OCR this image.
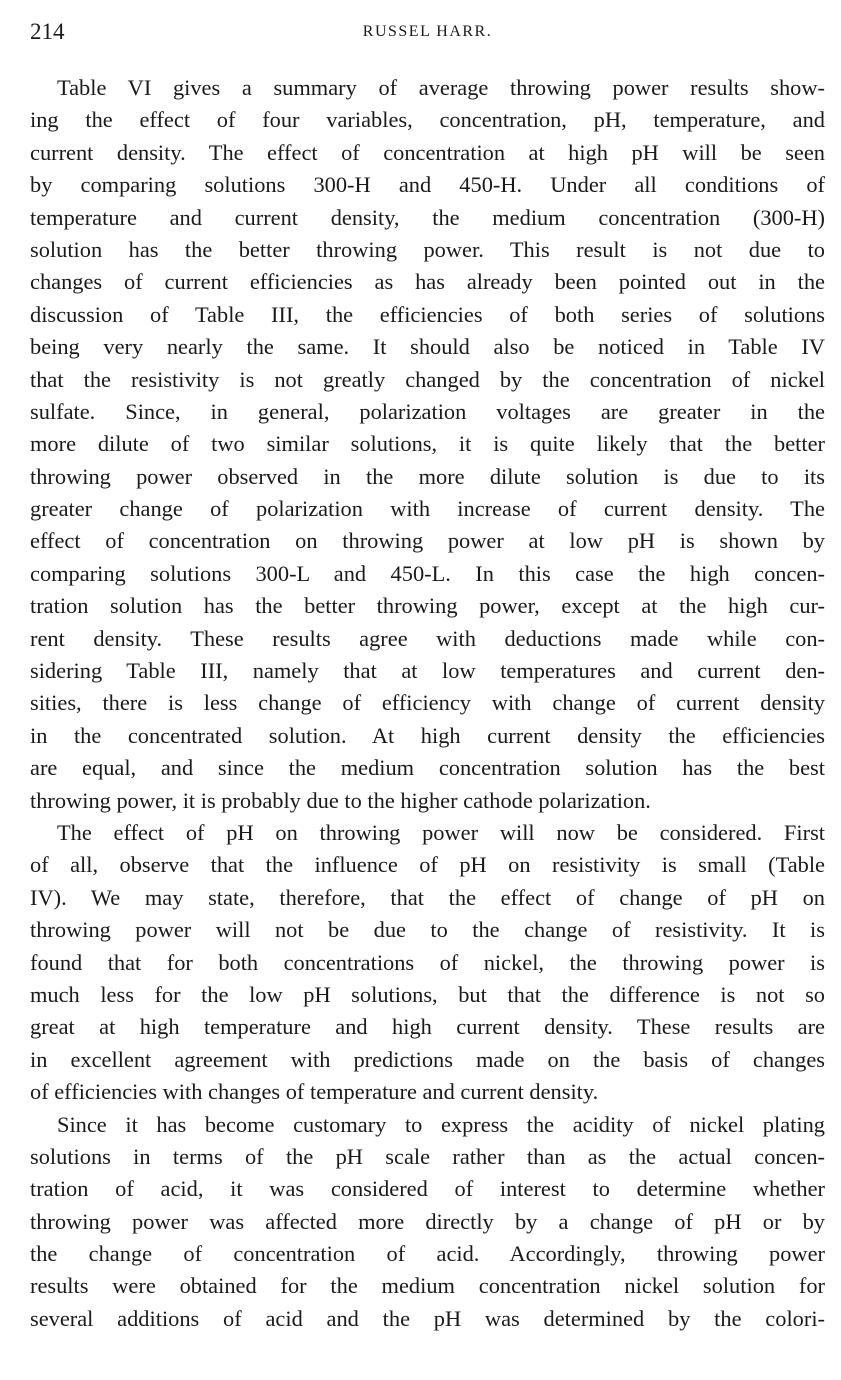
214	RUSSEL HARR.

Table VI gives a summary of average throwing power results show-
ing the effect of four variables, concentration, pH, temperature, and
current density. The effect of concentration at high pH will be seen
by comparing solutions 300-H and 450-H. Under all conditions of
temperature and current density, the medium concentration (300-H)
solution has the better throwing power. This result is not due to
changes of current efficiencies as has already been pointed out in the
discussion of Table III, the efficiencies of both series of solutions
being very nearly the same. It should also be noticed in Table IV
that the resistivity is not greatly changed by the concentration of nickel
sulfate. Since, in general, polarization voltages are greater in the
more dilute of two similar solutions, it is quite likely that the better
throwing power observed in the more dilute solution is due to its
greater change of polarization with increase of current density. The
effect of concentration on throwing power at low pH is shown by
comparing solutions 300-L and 450-L. In this case the high concen-
tration solution has the better throwing power, except at the high cur-
rent density. These results agree with deductions made while con-
sidering Table III, namely that at low temperatures and current den-
sities, there is less change of efficiency with change of current density
in the concentrated solution. At high current density the efficiencies
are equal, and since the medium concentration solution has the best
throwing power, it is probably due to the higher cathode polarization.

The effect of pH on throwing power will now be considered. First
of all, observe that the influence of pH on resistivity is small (Table
IV). We may state, therefore, that the effect of change of pH on
throwing power will not be due to the change of resistivity. It is
found that for both concentrations of nickel, the throwing power is
much less for the low pH solutions, but that the difference is not so
great at high temperature and high current density. These results are
in excellent agreement with predictions made on the basis of changes
of efficiencies with changes of temperature and current density.

Since it has become customary to express the acidity of nickel plating
solutions in terms of the pH scale rather than as the actual concen-
tration of acid, it was considered of interest to determine whether
throwing power was affected more directly by a change of pH or by
the change of concentration of acid. Accordingly, throwing power
results were obtained for the medium concentration nickel solution for
several additions of acid and the pH was determined by the colori-
